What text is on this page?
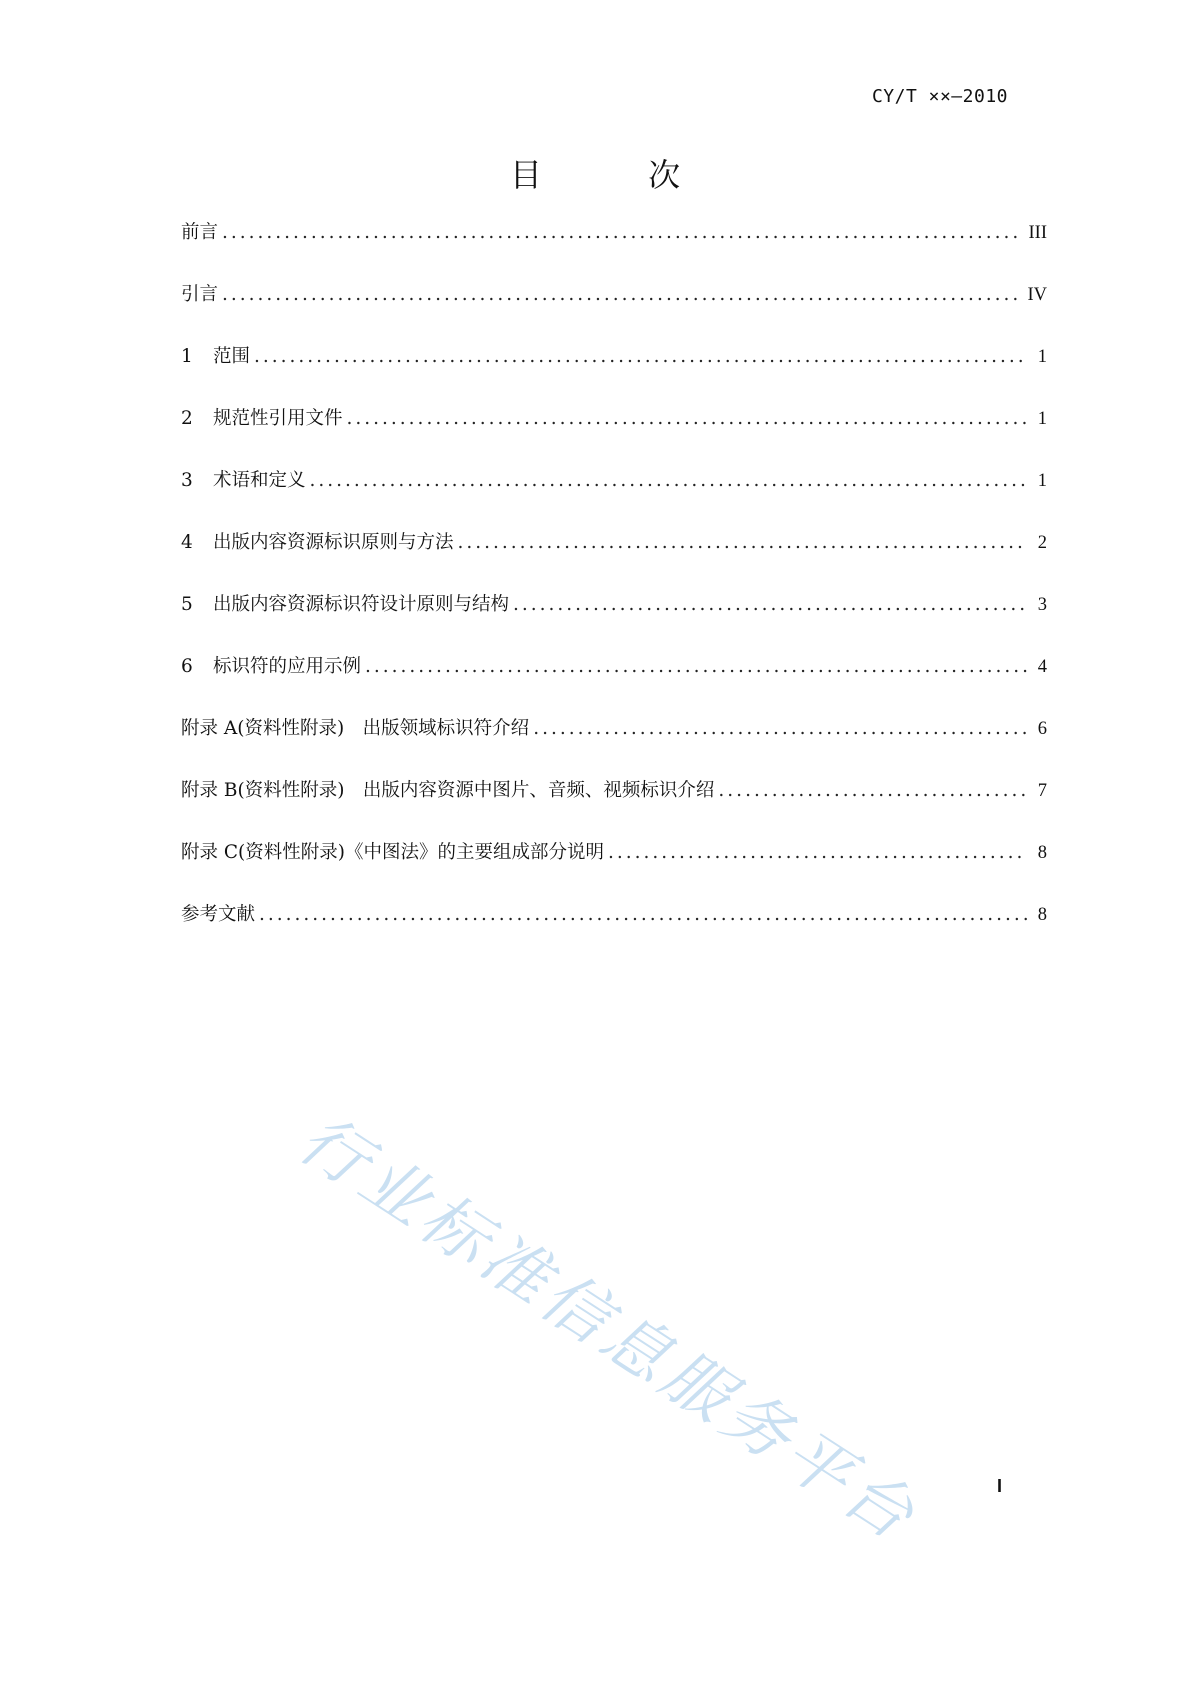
CY/T ××—2010
目 次
前言 .....	III
引言 .....	IV
1	范围 .....	1
2	规范性引用文件 .....	1
3	术语和定义 .....	1
4	出版内容资源标识原则与方法 .....	2
5	出版内容资源标识符设计原则与结构 .....	3
6	标识符的应用示例 .....	4
附录 A(资料性附录)　出版领域标识符介绍 .....	6
附录 B(资料性附录)　出版内容资源中图片、音频、视频标识介绍 .....	7
附录 C(资料性附录)《中图法》的主要组成部分说明 .....	8
参考文献 .....	8
行业标准信息服务平台	I
